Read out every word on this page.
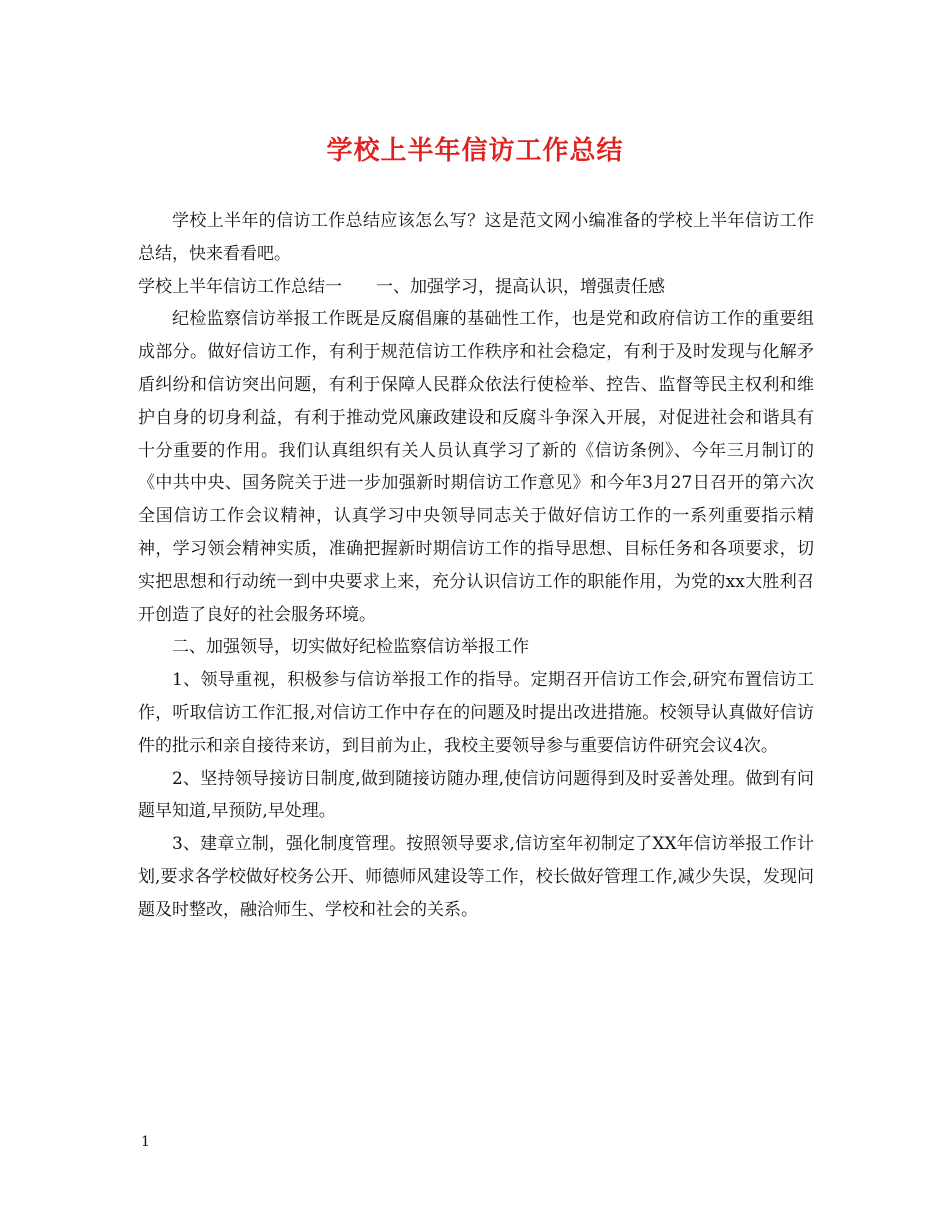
学校上半年信访工作总结

学校上半年的信访工作总结应该怎么写？这是范文网小编准备的学校上半年信访工作总结，快来看看吧。

学校上半年信访工作总结一　　一、加强学习，提高认识，增强责任感

纪检监察信访举报工作既是反腐倡廉的基础性工作，也是党和政府信访工作的重要组成部分。做好信访工作，有利于规范信访工作秩序和社会稳定，有利于及时发现与化解矛盾纠纷和信访突出问题，有利于保障人民群众依法行使检举、控告、监督等民主权利和维护自身的切身利益，有利于推动党风廉政建设和反腐斗争深入开展，对促进社会和谐具有十分重要的作用。我们认真组织有关人员认真学习了新的《信访条例》、今年三月制订的《中共中央、国务院关于进一步加强新时期信访工作意见》和今年3月27日召开的第六次全国信访工作会议精神，认真学习中央领导同志关于做好信访工作的一系列重要指示精神，学习领会精神实质，准确把握新时期信访工作的指导思想、目标任务和各项要求，切实把思想和行动统一到中央要求上来，充分认识信访工作的职能作用，为党的xx大胜利召开创造了良好的社会服务环境。

二、加强领导，切实做好纪检监察信访举报工作

1、领导重视，积极参与信访举报工作的指导。定期召开信访工作会,研究布置信访工作，听取信访工作汇报,对信访工作中存在的问题及时提出改进措施。校领导认真做好信访件的批示和亲自接待来访，到目前为止，我校主要领导参与重要信访件研究会议4次。

2、坚持领导接访日制度,做到随接访随办理,使信访问题得到及时妥善处理。做到有问题早知道,早预防,早处理。

3、建章立制，强化制度管理。按照领导要求,信访室年初制定了XX年信访举报工作计划,要求各学校做好校务公开、师德师风建设等工作，校长做好管理工作,减少失误，发现问题及时整改，融洽师生、学校和社会的关系。

1
